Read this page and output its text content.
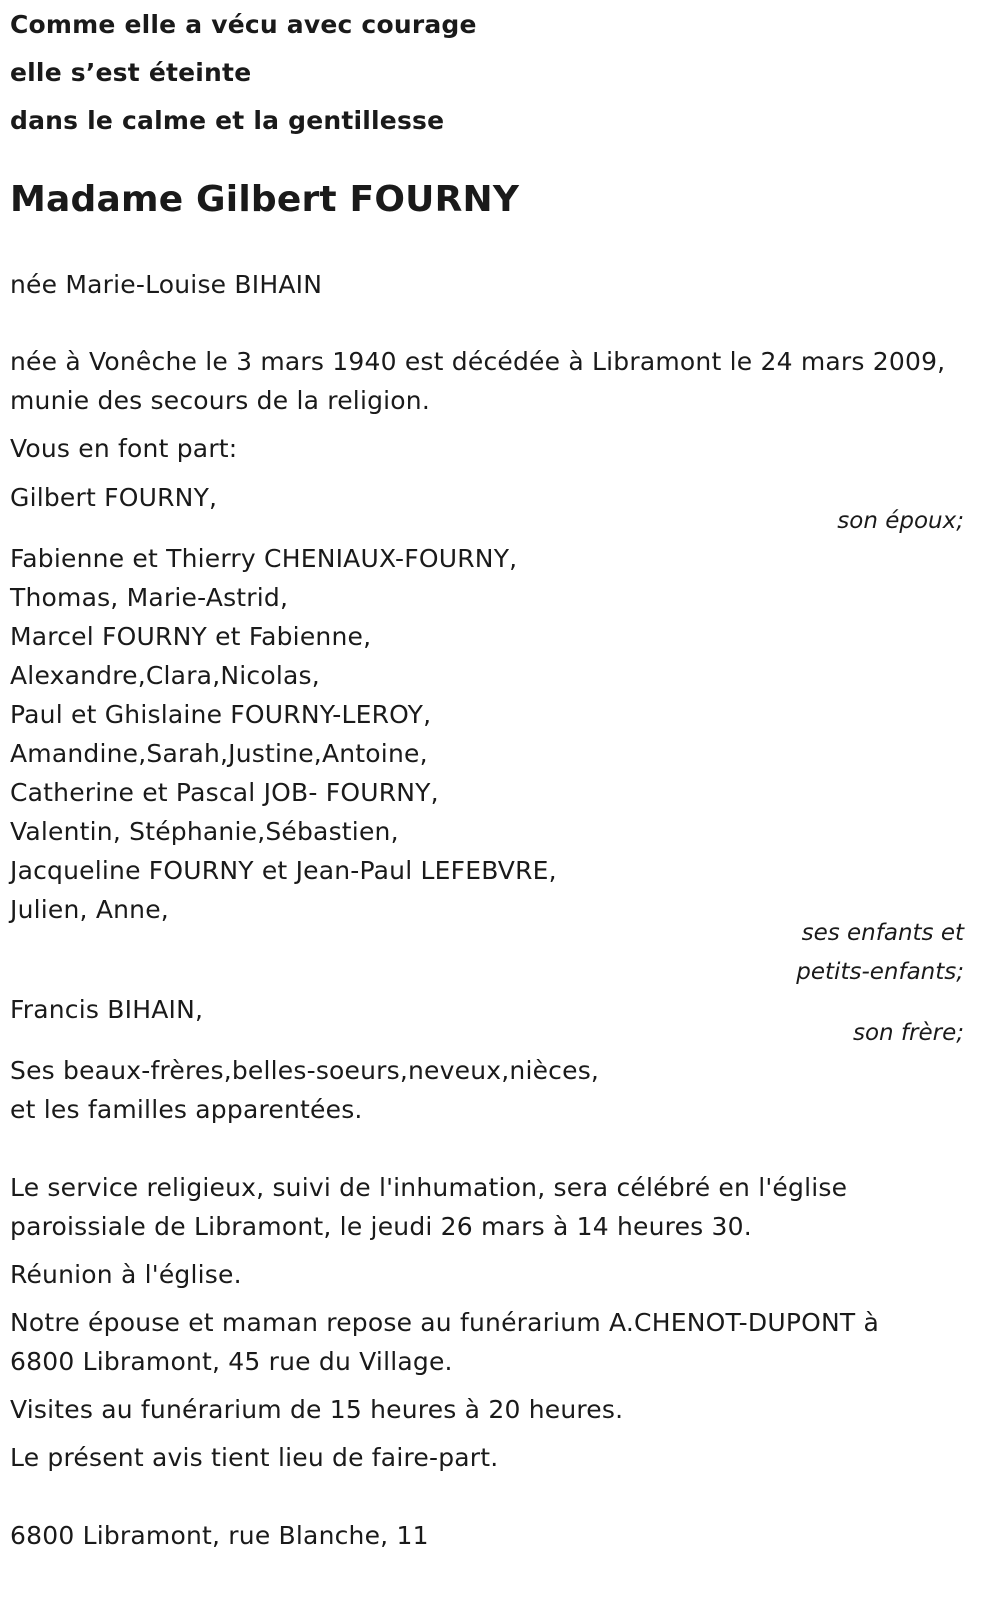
Comme elle a vécu avec courage
elle s’est éteinte
dans le calme et la gentillesse
Madame Gilbert FOURNY
née Marie-Louise BIHAIN
née à Vonêche le 3 mars 1940 est décédée à Libramont le 24 mars 2009,
munie des secours de la religion.
Vous en font part:
Gilbert FOURNY,
son époux;
Fabienne et Thierry CHENIAUX-FOURNY,
Thomas, Marie-Astrid,
Marcel FOURNY et Fabienne,
Alexandre,Clara,Nicolas,
Paul et Ghislaine FOURNY-LEROY,
Amandine,Sarah,Justine,Antoine,
Catherine et Pascal JOB- FOURNY,
Valentin, Stéphanie,Sébastien,
Jacqueline FOURNY et Jean-Paul LEFEBVRE,
Julien, Anne,
ses enfants et
petits-enfants;
Francis BIHAIN,
son frère;
Ses beaux-frères,belles-soeurs,neveux,nièces,
et les familles apparentées.
Le service religieux, suivi de l'inhumation, sera célébré en l'église
paroissiale de Libramont, le jeudi 26 mars à 14 heures 30.
Réunion à l'église.
Notre épouse et maman repose au funérarium A.CHENOT-DUPONT à
6800 Libramont, 45 rue du Village.
Visites au funérarium de 15 heures à 20 heures.
Le présent avis tient lieu de faire-part.
6800 Libramont, rue Blanche, 11
